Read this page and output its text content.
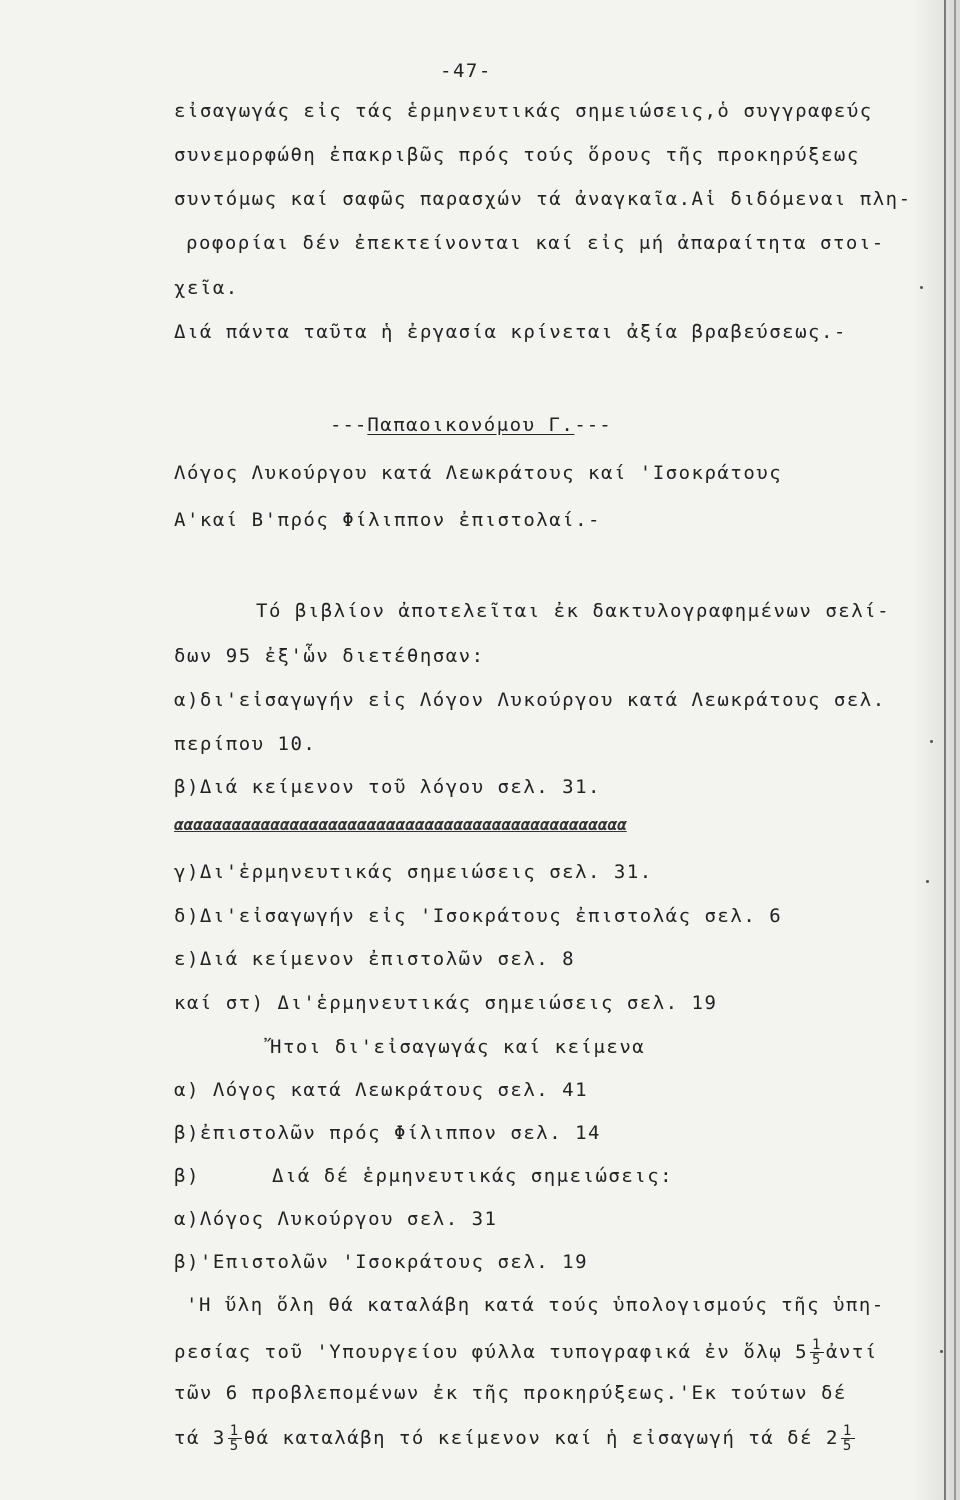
-47-
εἰσαγωγάς εἰς τάς ἑρμηνευτικάς σημειώσεις,ὁ συγγραφεύς
συνεμορφώθη ἐπακριβῶς πρός τούς ὅρους τῆς προκηρύξεως
συντόμως καί σαφῶς παρασχών τά ἀναγκαῖα.Αἱ διδόμεναι πλη-
ροφορίαι δέν ἐπεκτείνονται καί εἰς μή ἀπαραίτητα στοι-
χεῖα.
Διά πάντα ταῦτα ἡ ἐργασία κρίνεται ἀξία βραβεύσεως.-
---Παπαοικονόμου Γ.---
Λόγος Λυκούργου κατά Λεωκράτους καί 'Ισοκράτους
Α'καί Β'πρός Φίλιππον ἐπιστολαί.-
Τό βιβλίον ἀποτελεῖται ἐκ δακτυλογραφημένων σελί-
δων 95 ἐξ'ὧν διετέθησαν:
α)δι'εἰσαγωγήν εἰς Λόγον Λυκούργου κατά Λεωκράτους σελ.
περίπου 10.
β)Διά κείμενον τοῦ λόγου σελ. 31.
ααααααααααααααααααααααααααααααααααααααααααααααα
γ)Δι'ἑρμηνευτικάς σημειώσεις σελ. 31.
δ)Δι'εἰσαγωγήν εἰς 'Ισοκράτους ἐπιστολάς σελ. 6
ε)Διά κείμενον ἐπιστολῶν σελ. 8
καί στ) Δι'ἑρμηνευτικάς σημειώσεις σελ. 19
Ἤτοι δι'εἰσαγωγάς καί κείμενα
α) Λόγος κατά Λεωκράτους σελ. 41
β)ἐπιστολῶν πρός Φίλιππον σελ. 14
β)	Διά δέ ἑρμηνευτικάς σημειώσεις:
α)Λόγος Λυκούργου σελ. 31
β)'Επιστολῶν 'Ισοκράτους σελ. 19
'Η ὕλη ὅλη θά καταλάβη κατά τούς ὑπολογισμούς τῆς ὑπη-
ρεσίας τοῦ 'Υπουργείου φύλλα τυπογραφικά ἐν ὅλῳ $5 \frac{1}{5}$ ἀντί
τῶν 6 προβλεπομένων ἐκ τῆς προκηρύξεως.'Εκ τούτων δέ
τά $3 \frac{1}{5}$ θά καταλάβη τό κείμενον καί ἡ εἰσαγωγή τά δέ $2 \frac{1}{5}$
